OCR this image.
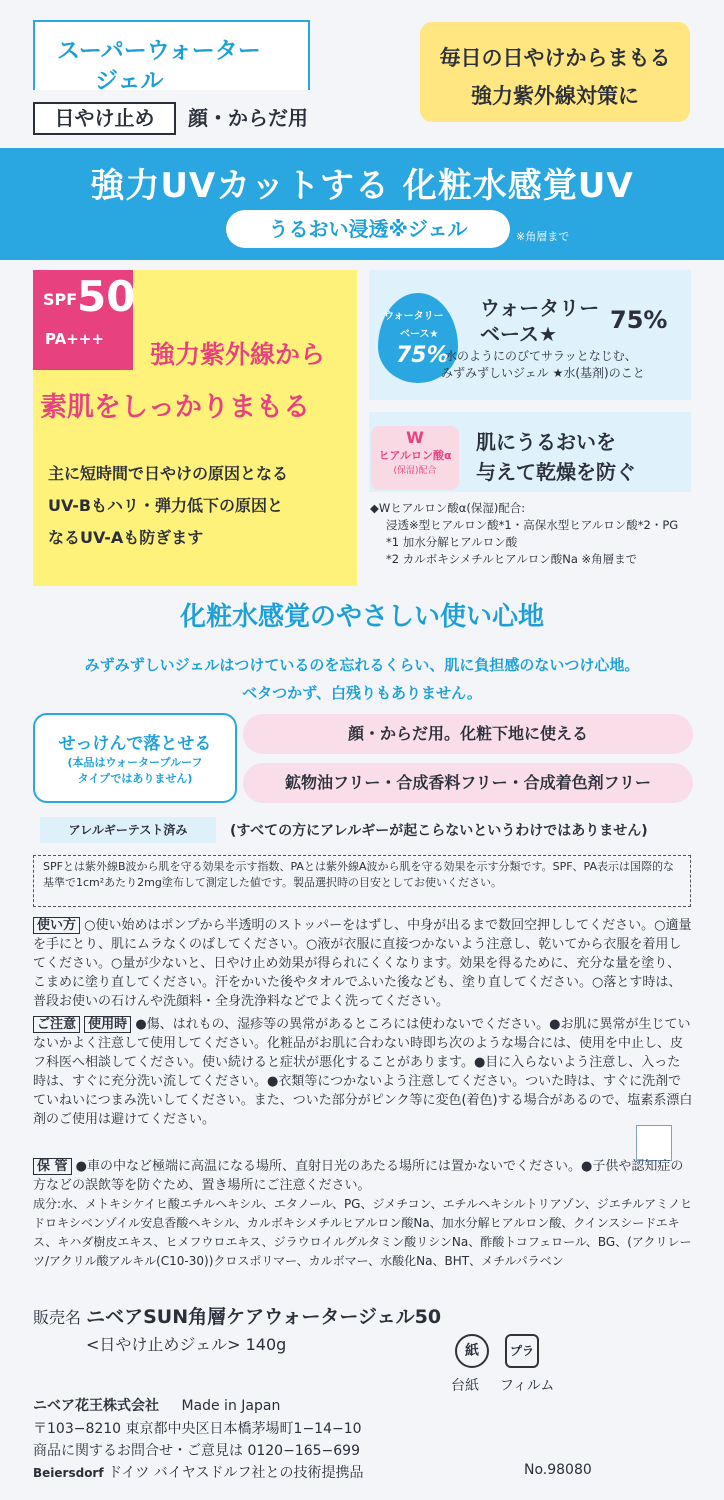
スーパーウォーター
ジェル
日やけ止め	顔・からだ用
毎日の日やけからまもる
強力紫外線対策に
強力UVカットする 化粧水感覚UV
うるおい浸透※ジェル	※角層まで
SPF 50
PA+++
強力紫外線から
素肌をしっかりまもる
主に短時間で日やけの原因となる
UV-Bもハリ・弾力低下の原因と
なるUV-Aも防ぎます
ウォータリー
ベース★
75%
ウォータリー
ベース★ 75%
水のようにのびてサラッとなじむ、
みずみずしいジェル ★水(基剤)のこと
W
ヒアルロン酸α
(保湿)配合
肌にうるおいを
与えて乾燥を防ぐ
◆Wヒアルロン酸α(保湿)配合:
浸透※型ヒアルロン酸*1・高保水型ヒアルロン酸*2・PG
*1 加水分解ヒアルロン酸
*2 カルボキシメチルヒアルロン酸Na ※角層まで
化粧水感覚のやさしい使い心地
みずみずしいジェルはつけているのを忘れるくらい、肌に負担感のないつけ心地。
ベタつかず、白残りもありません。
せっけんで落とせる
(本品はウォータープルーフ
タイプではありません)
顔・からだ用。化粧下地に使える
鉱物油フリー・合成香料フリー・合成着色剤フリー
アレルギーテスト済み	(すべての方にアレルギーが起こらないというわけではありません)
SPFとは紫外線B波から肌を守る効果を示す指数、PAとは紫外線A波から肌を守る効果を示す分類です。SPF、PA表示は国際的な基準で1cm²あたり2mg塗布して測定した値です。製品選択時の目安としてお使いください。
使い方 ○使い始めはポンプから半透明のストッパーをはずし、中身が出るまで数回空押ししてください。○適量を手にとり、肌にムラなくのばしてください。○液が衣服に直接つかないよう注意し、乾いてから衣服を着用してください。○量が少ないと、日やけ止め効果が得られにくくなります。効果を得るために、充分な量を塗り、こまめに塗り直してください。汗をかいた後やタオルでふいた後なども、塗り直してください。○落とす時は、普段お使いの石けんや洗顔料・全身洗浄料などでよく洗ってください。
ご注意 使用時 ●傷、はれもの、湿疹等の異常があるところには使わないでください。●お肌に異常が生じていないかよく注意して使用してください。化粧品がお肌に合わない時即ち次のような場合には、使用を中止し、皮フ科医へ相談してください。使い続けると症状が悪化することがあります。●目に入らないよう注意し、入った時は、すぐに充分洗い流してください。●衣類等につかないよう注意してください。ついた時は、すぐに洗剤でていねいにつまみ洗いしてください。また、ついた部分がピンク等に変色(着色)する場合があるので、塩素系漂白剤のご使用は避けてください。
保 管 ●車の中など極端に高温になる場所、直射日光のあたる場所には置かないでください。●子供や認知症の方などの誤飲等を防ぐため、置き場所にご注意ください。
成分:水、メトキシケイヒ酸エチルヘキシル、エタノール、PG、ジメチコン、エチルヘキシルトリアゾン、ジエチルアミノヒドロキシベンゾイル安息香酸ヘキシル、カルボキシメチルヒアルロン酸Na、加水分解ヒアルロン酸、クインスシードエキス、キハダ樹皮エキス、ヒメフウロエキス、ジラウロイルグルタミン酸リシンNa、酢酸トコフェロール、BG、(アクリレーツ/アクリル酸アルキル(C10-30))クロスポリマー、カルボマー、水酸化Na、BHT、メチルパラベン
販売名 ニベアSUN角層ケアウォータージェル50
<日やけ止めジェル> 140g	紙	プラ
台紙 フィルム
ニベア花王株式会社 Made in Japan
〒103−8210 東京都中央区日本橋茅場町1−14−10
商品に関するお問合せ・ご意見は 0120−165−699
Beiersdorf ドイツ バイヤスドルフ社との技術提携品	No.98080
